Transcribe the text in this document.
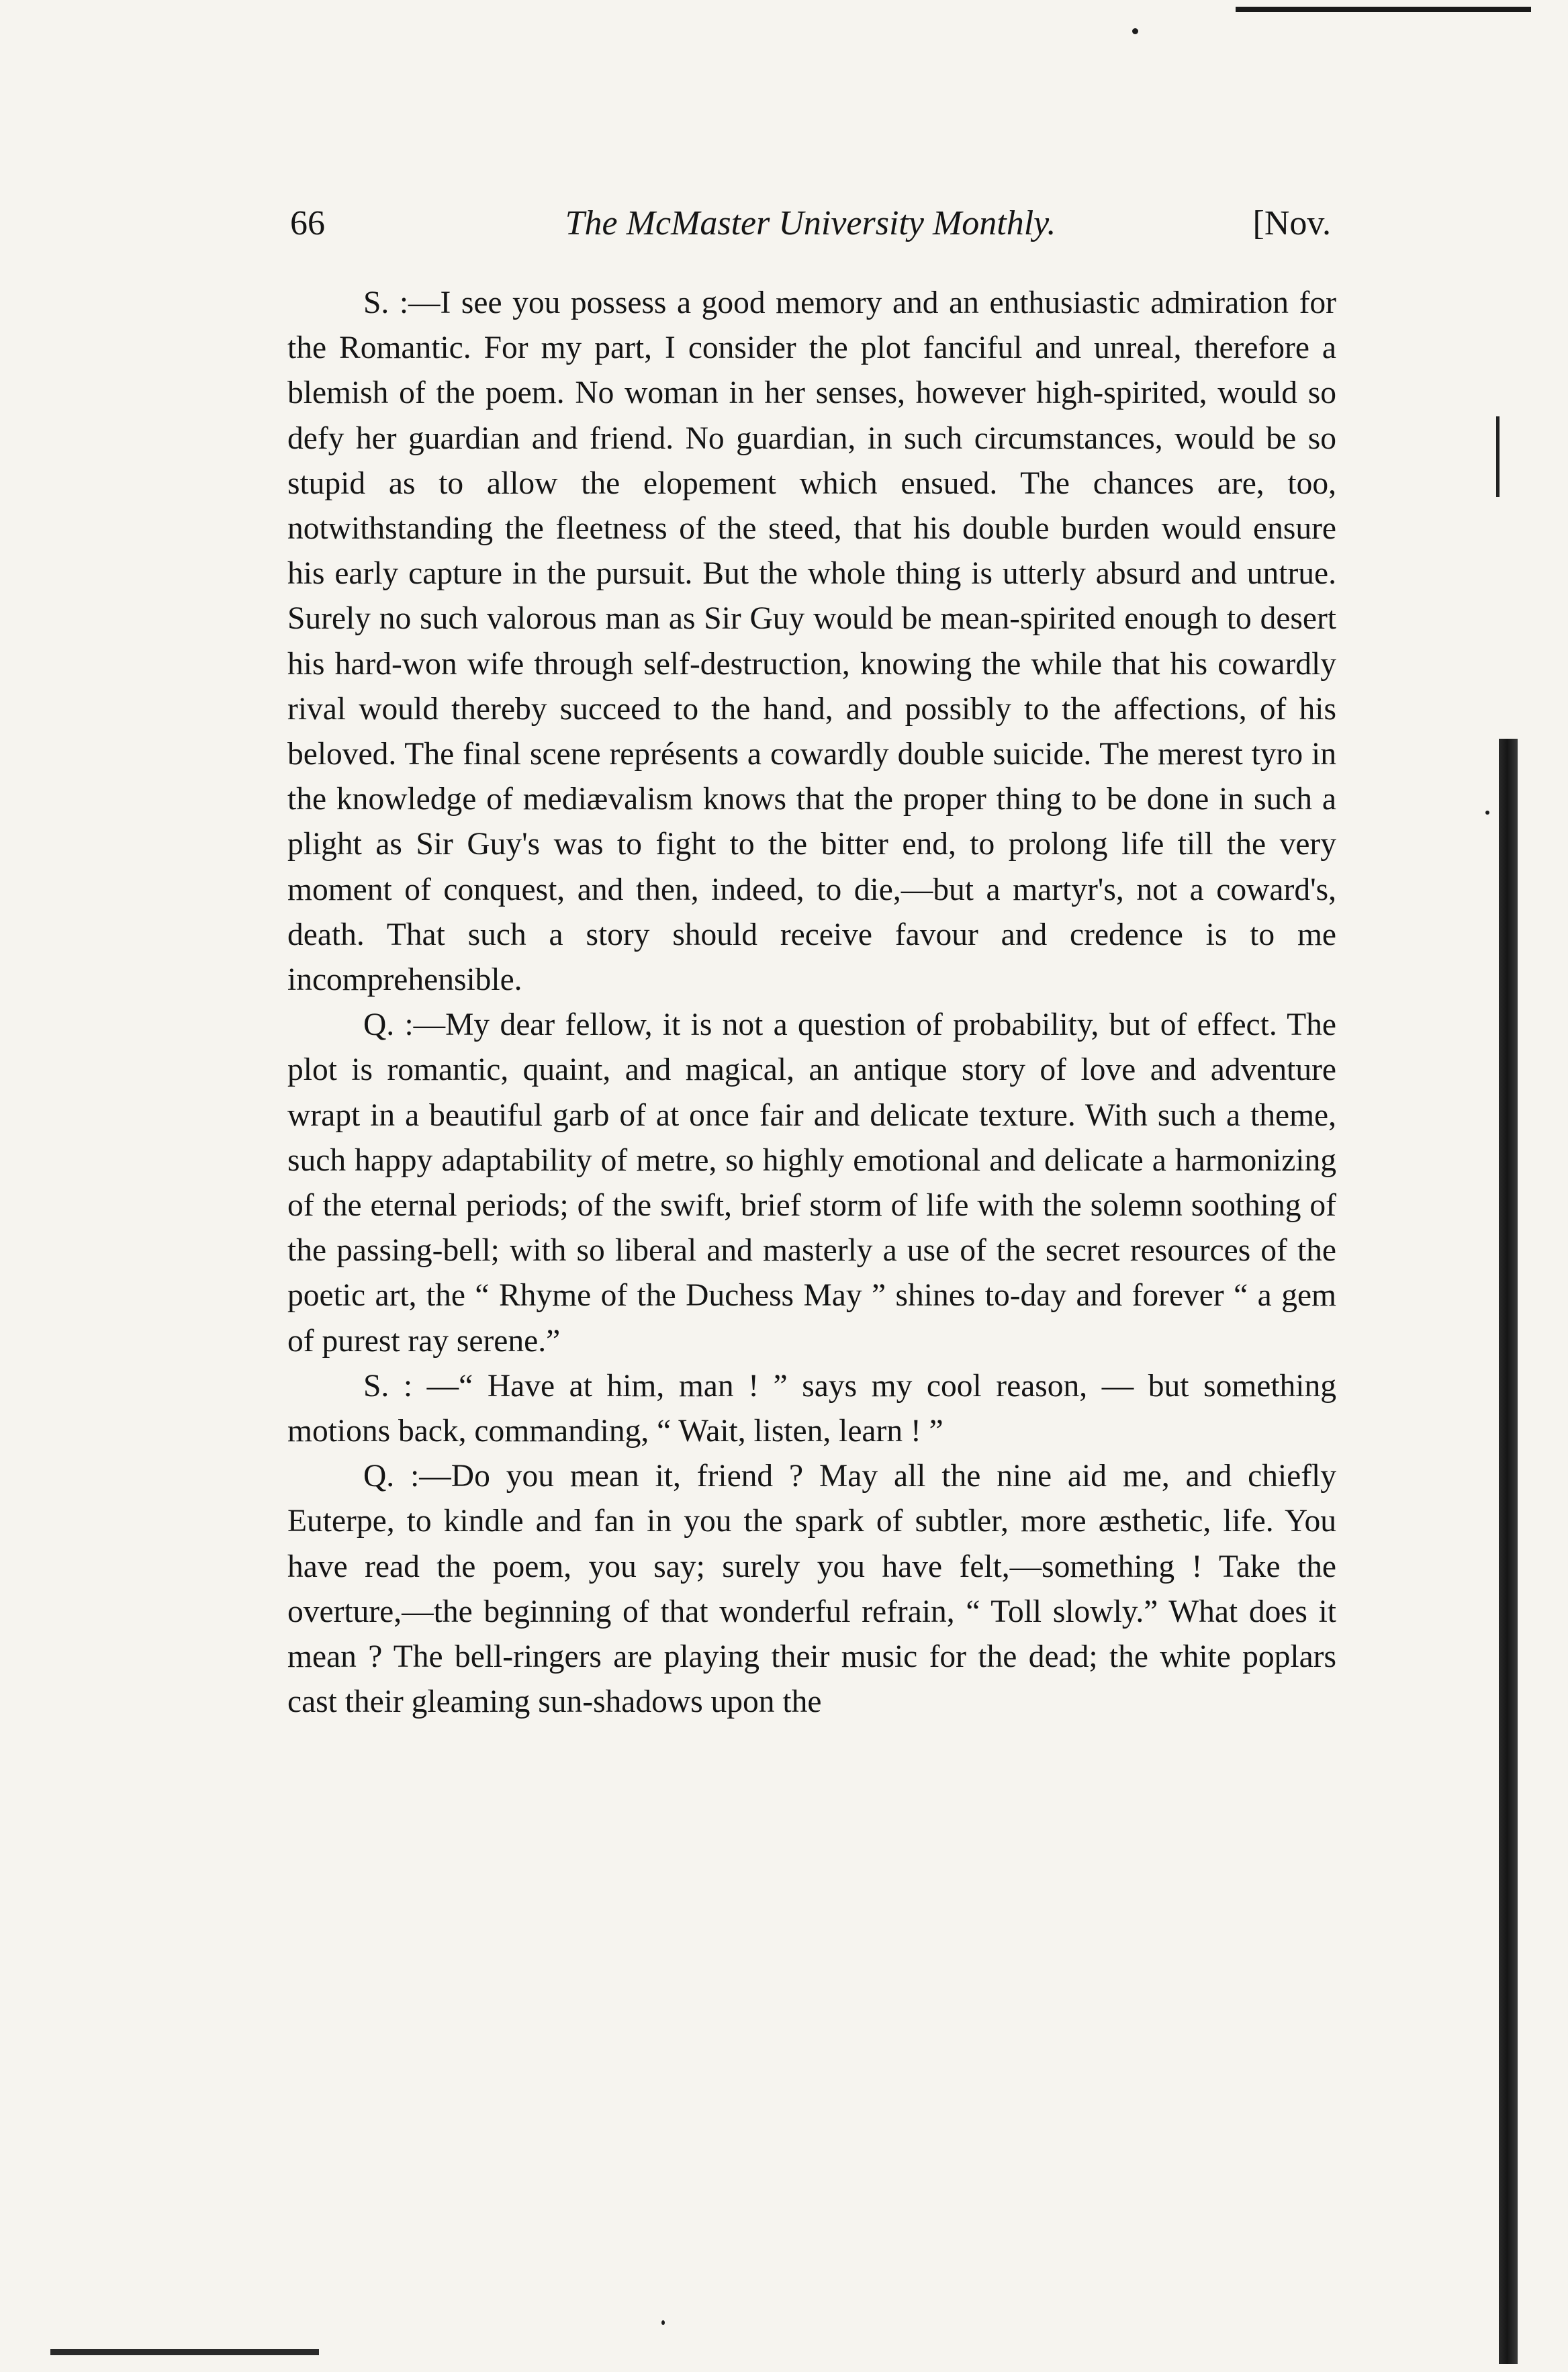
66	The McMaster University Monthly.	[Nov.

S. :—I see you possess a good memory and an enthusiastic admiration for the Romantic. For my part, I consider the plot fanciful and unreal, therefore a blemish of the poem. No woman in her senses, however high-spirited, would so defy her guardian and friend. No guardian, in such circumstances, would be so stupid as to allow the elopement which ensued. The chances are, too, notwithstanding the fleetness of the steed, that his double burden would ensure his early capture in the pursuit. But the whole thing is utterly absurd and untrue. Surely no such valorous man as Sir Guy would be mean-spirited enough to desert his hard-won wife through self-destruction, knowing the while that his cowardly rival would thereby succeed to the hand, and possibly to the affections, of his beloved. The final scene représents a cowardly double suicide. The merest tyro in the knowledge of mediævalism knows that the proper thing to be done in such a plight as Sir Guy's was to fight to the bitter end, to prolong life till the very moment of conquest, and then, indeed, to die,—but a martyr's, not a coward's, death. That such a story should receive favour and credence is to me incomprehensible.

Q. :—My dear fellow, it is not a question of probability, but of effect. The plot is romantic, quaint, and magical, an antique story of love and adventure wrapt in a beautiful garb of at once fair and delicate texture. With such a theme, such happy adaptability of metre, so highly emotional and delicate a harmonizing of the eternal periods; of the swift, brief storm of life with the solemn soothing of the passing-bell; with so liberal and masterly a use of the secret resources of the poetic art, the “ Rhyme of the Duchess May ” shines to-day and forever “ a gem of purest ray serene.”

S. : —“ Have at him, man ! ” says my cool reason, — but something motions back, commanding, “ Wait, listen, learn ! ”

Q. :—Do you mean it, friend ? May all the nine aid me, and chiefly Euterpe, to kindle and fan in you the spark of subtler, more æsthetic, life. You have read the poem, you say; surely you have felt,—something ! Take the overture,—the beginning of that wonderful refrain, “ Toll slowly.” What does it mean ? The bell-ringers are playing their music for the dead; the white poplars cast their gleaming sun-shadows upon the
